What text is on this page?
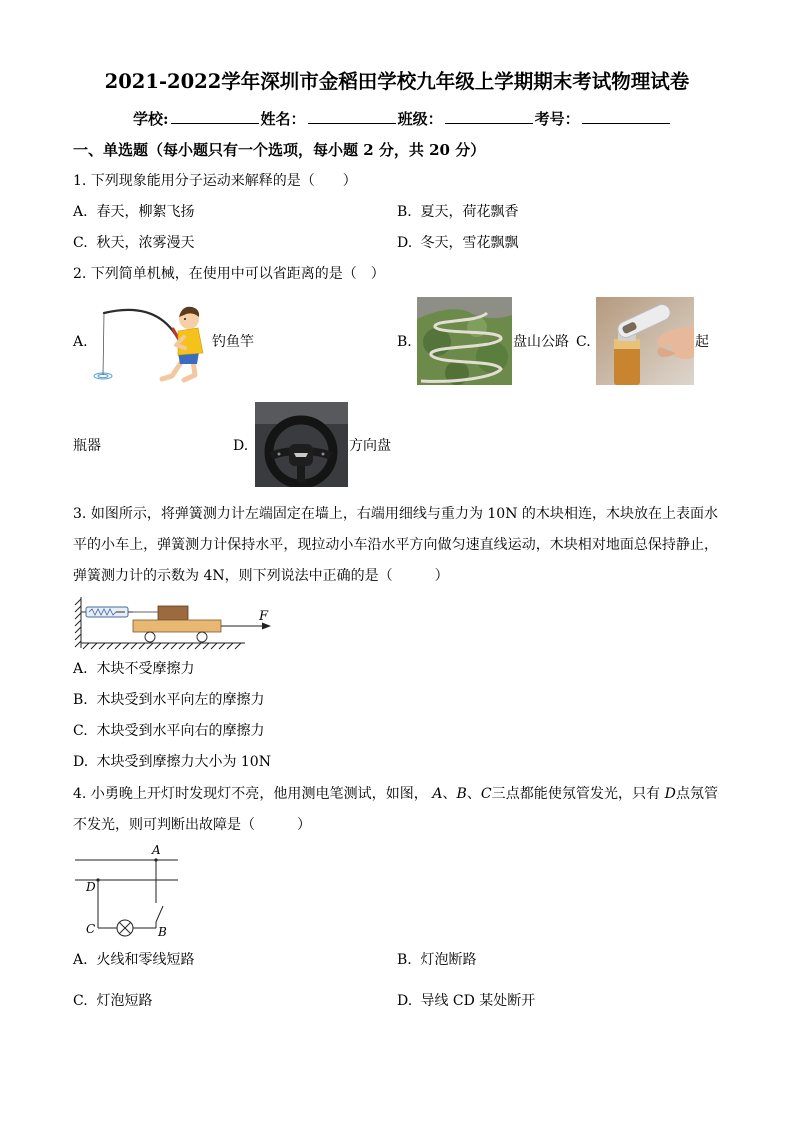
2021-2022学年深圳市金稻田学校九年级上学期期末考试物理试卷
学校:	姓名：	班级：	考号：
一、单选题（每小题只有一个选项，每小题 2 分，共 20 分）
1. 下列现象能用分子运动来解释的是（　　）
A. 春天，柳絮飞扬	B. 夏天，荷花飘香
C. 秋天，浓雾漫天	D. 冬天，雪花飘飘
2. 下列简单机械，在使用中可以省距离的是（　）
A.	钓鱼竿	B.	盘山公路 C.	起
瓶器	D.	方向盘
3. 如图所示，将弹簧测力计左端固定在墙上，右端用细线与重力为 10N 的木块相连，木块放在上表面水
平的小车上，弹簧测力计保持水平，现拉动小车沿水平方向做匀速直线运动，木块相对地面总保持静止，
弹簧测力计的示数为 4N，则下列说法中正确的是（　　　）
F
A. 木块不受摩擦力
B. 木块受到水平向左的摩擦力
C. 木块受到水平向右的摩擦力
D. 木块受到摩擦力大小为 10N
4. 小勇晚上开灯时发现灯不亮，他用测电笔测试，如图， A、B、C三点都能使氖管发光，只有 D点氖管
不发光，则可判断出故障是（　　　）
A
D
C	B
A. 火线和零线短路	B. 灯泡断路
C. 灯泡短路	D. 导线 CD 某处断开
